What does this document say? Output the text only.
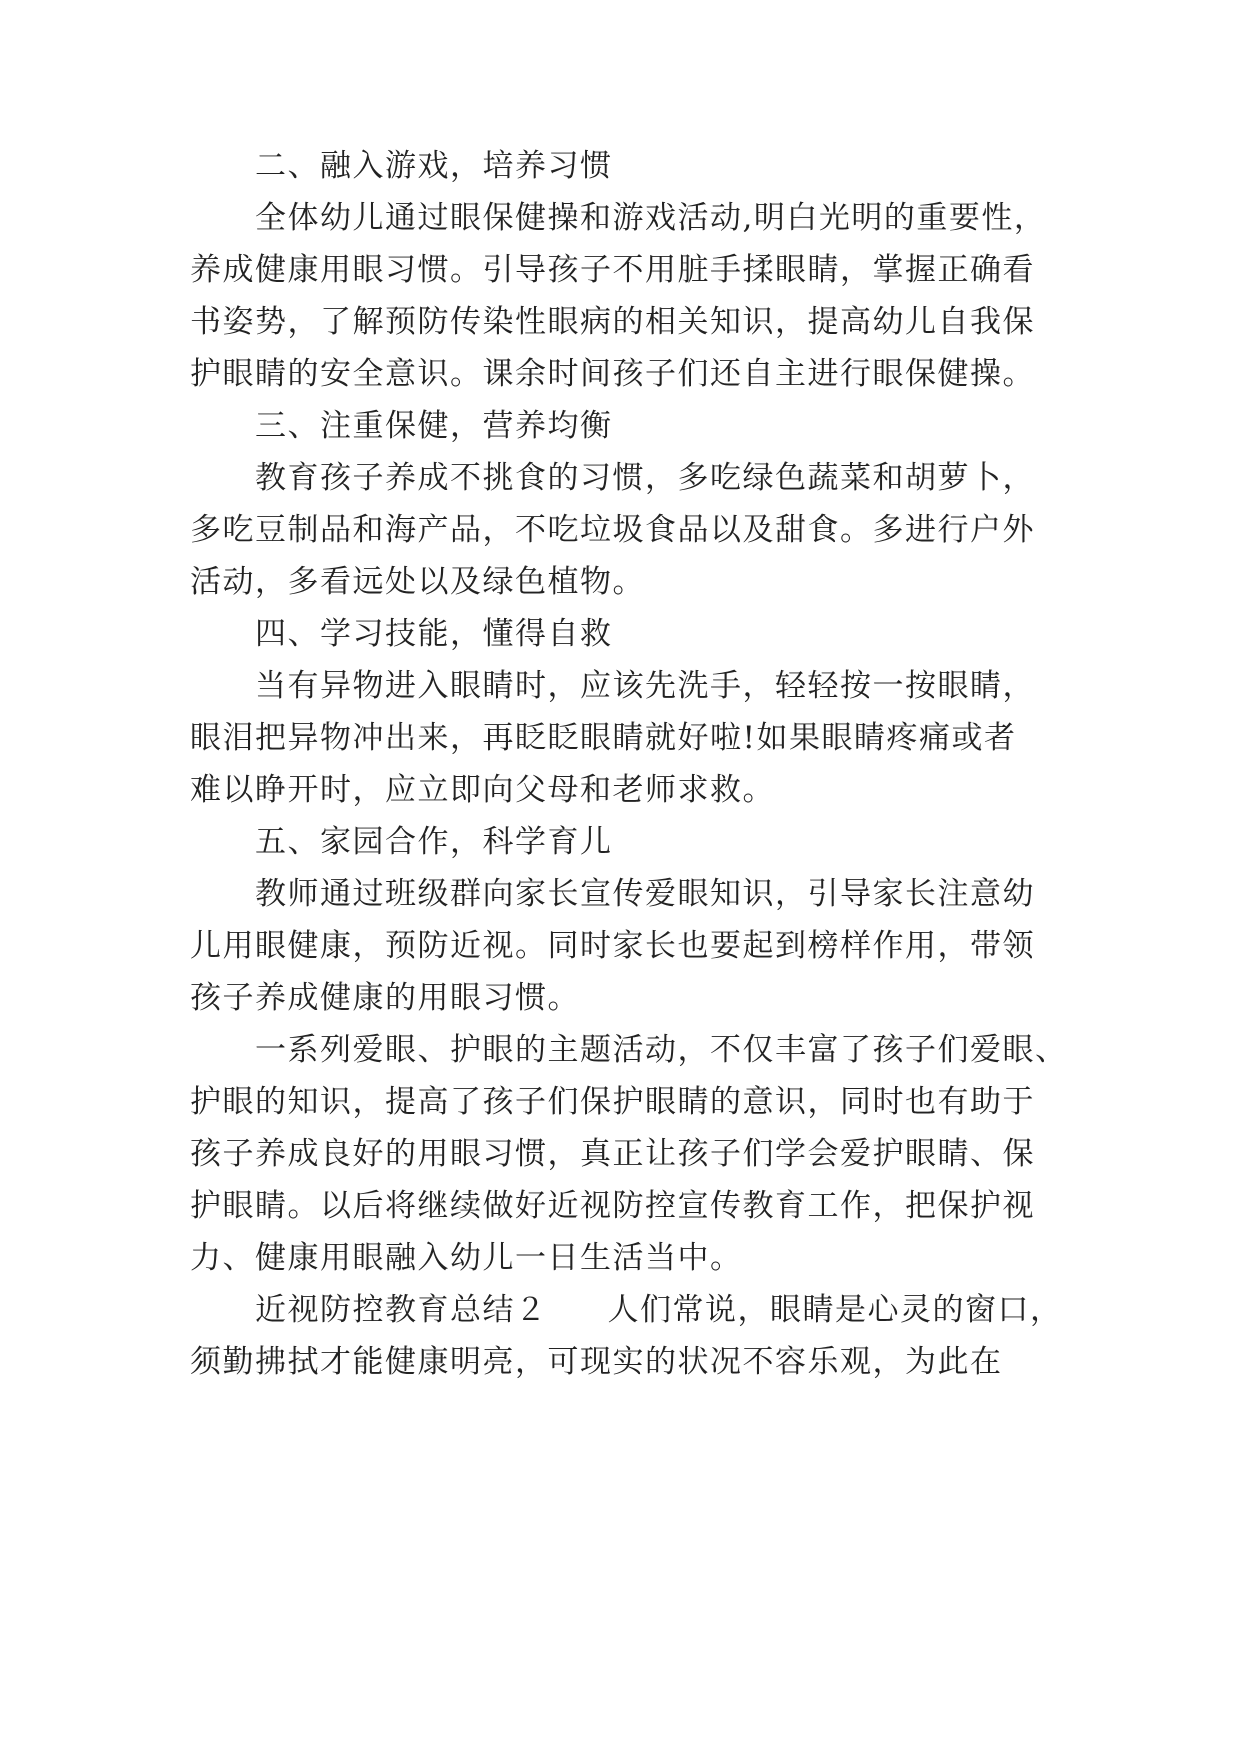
二、融入游戏，培养习惯
全体幼儿通过眼保健操和游戏活动,明白光明的重要性，
养成健康用眼习惯。引导孩子不用脏手揉眼睛，掌握正确看
书姿势，了解预防传染性眼病的相关知识，提高幼儿自我保
护眼睛的安全意识。课余时间孩子们还自主进行眼保健操。
三、注重保健，营养均衡
教育孩子养成不挑食的习惯，多吃绿色蔬菜和胡萝卜，
多吃豆制品和海产品，不吃垃圾食品以及甜食。多进行户外
活动，多看远处以及绿色植物。
四、学习技能，懂得自救
当有异物进入眼睛时，应该先洗手，轻轻按一按眼睛，
眼泪把异物冲出来，再眨眨眼睛就好啦!如果眼睛疼痛或者
难以睁开时，应立即向父母和老师求救。
五、家园合作，科学育儿
教师通过班级群向家长宣传爱眼知识，引导家长注意幼
儿用眼健康，预防近视。同时家长也要起到榜样作用，带领
孩子养成健康的用眼习惯。
一系列爱眼、护眼的主题活动，不仅丰富了孩子们爱眼、
护眼的知识，提高了孩子们保护眼睛的意识，同时也有助于
孩子养成良好的用眼习惯，真正让孩子们学会爱护眼睛、保
护眼睛。以后将继续做好近视防控宣传教育工作，把保护视
力、健康用眼融入幼儿一日生活当中。
近视防控教育总结２ 人们常说，眼睛是心灵的窗口，
须勤拂拭才能健康明亮，可现实的状况不容乐观，为此在
